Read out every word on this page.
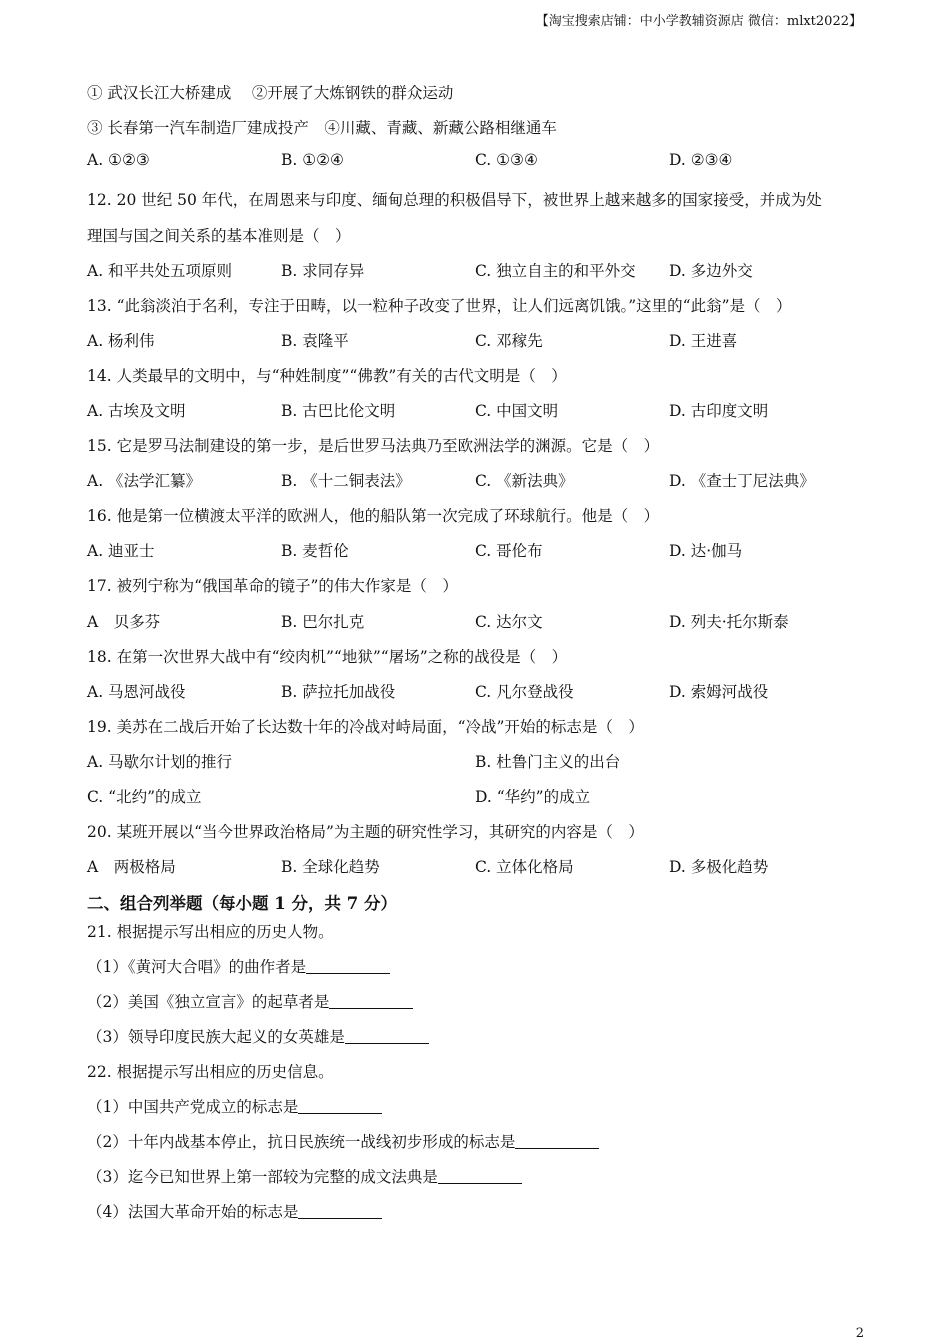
【淘宝搜索店铺：中小学教辅资源店 微信：mlxt2022】
① 武汉长江大桥建成　 ②开展了大炼钢铁的群众运动
③ 长春第一汽车制造厂建成投产　④川藏、青藏、新藏公路相继通车
A. ①②③	B. ①②④	C. ①③④	D. ②③④
12. 20 世纪 50 年代，在周恩来与印度、缅甸总理的积极倡导下，被世界上越来越多的国家接受，并成为处
理国与国之间关系的基本准则是（　）
A. 和平共处五项原则	B. 求同存异	C. 独立自主的和平外交 D. 多边外交
13. “此翁淡泊于名利，专注于田畴，以一粒种子改变了世界，让人们远离饥饿。”这里的“此翁”是（　）
A. 杨利伟	B. 袁隆平	C. 邓稼先	D. 王进喜
14. 人类最早的文明中，与“种姓制度”“佛教”有关的古代文明是（　）
A. 古埃及文明	B. 古巴比伦文明	C. 中国文明	D. 古印度文明
15. 它是罗马法制建设的第一步，是后世罗马法典乃至欧洲法学的渊源。它是（　）
A. 《法学汇纂》	B. 《十二铜表法》	C. 《新法典》	D. 《查士丁尼法典》
16. 他是第一位横渡太平洋的欧洲人，他的船队第一次完成了环球航行。他是（　）
A. 迪亚士	B. 麦哲伦	C. 哥伦布	D. 达·伽马
17. 被列宁称为“俄国革命的镜子”的伟大作家是（　）
A　贝多芬	B. 巴尔扎克	C. 达尔文	D. 列夫·托尔斯泰
18. 在第一次世界大战中有“绞肉机”“地狱”“屠场”之称的战役是（　）
A. 马恩河战役	B. 萨拉托加战役	C. 凡尔登战役	D. 索姆河战役
19. 美苏在二战后开始了长达数十年的冷战对峙局面，“冷战”开始的标志是（　）
A. 马歇尔计划的推行	B. 杜鲁门主义的出台
C. “北约”的成立	D. “华约”的成立
20. 某班开展以“当今世界政治格局”为主题的研究性学习，其研究的内容是（　）
A　两极格局	B. 全球化趋势	C. 立体化格局	D. 多极化趋势
二、组合列举题（每小题 1 分，共 7 分）
21. 根据提示写出相应的历史人物。
（1）《黄河大合唱》的曲作者是
（2）美国《独立宣言》的起草者是
（3）领导印度民族大起义的女英雄是
22. 根据提示写出相应的历史信息。
（1）中国共产党成立的标志是
（2）十年内战基本停止，抗日民族统一战线初步形成的标志是
（3）迄今已知世界上第一部较为完整的成文法典是
（4）法国大革命开始的标志是
2
